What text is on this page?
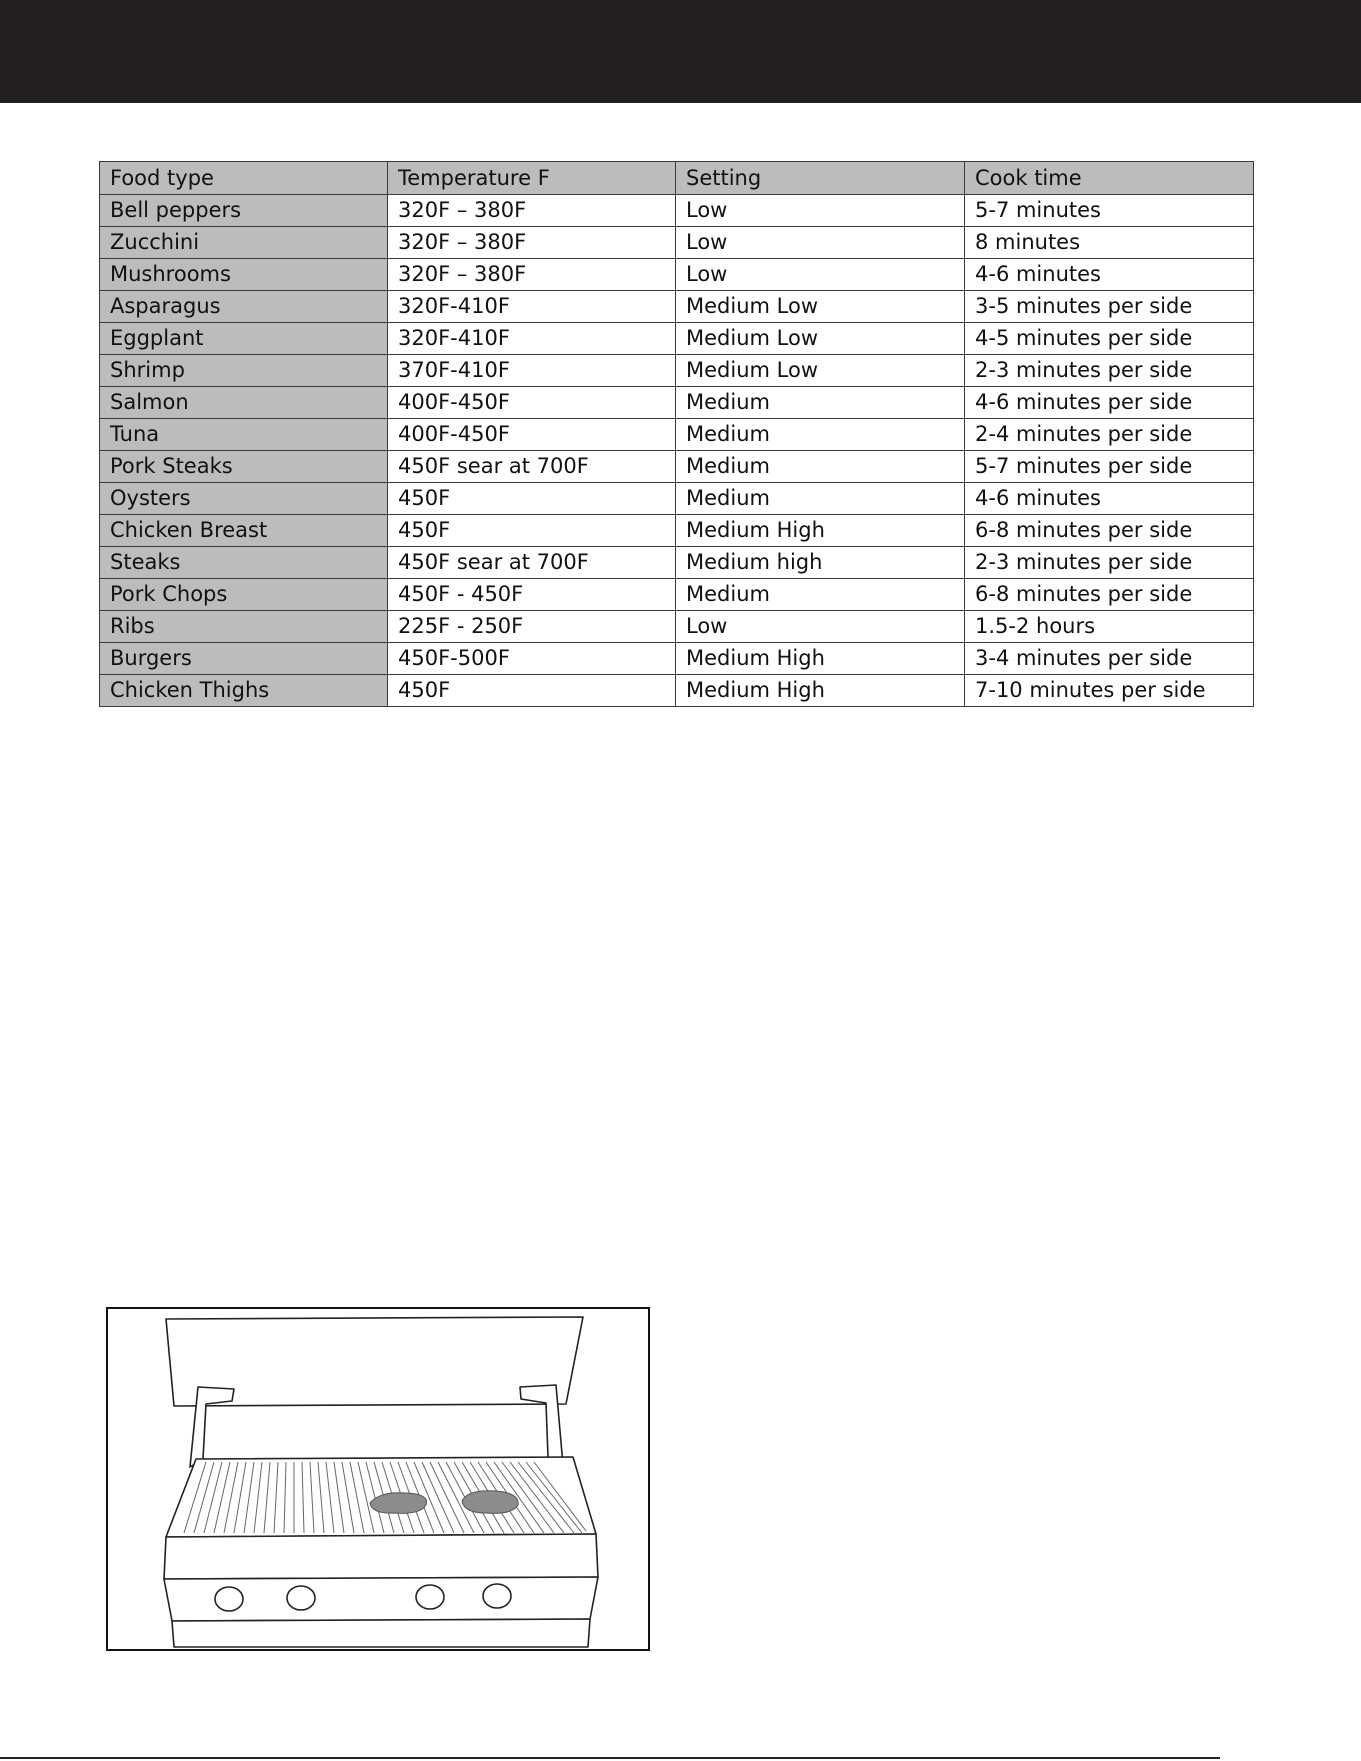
Food type	Temperature F	Setting	Cook time
Bell peppers	320F – 380F	Low	5-7 minutes
Zucchini	320F – 380F	Low	8 minutes
Mushrooms	320F – 380F	Low	4-6 minutes
Asparagus	320F-410F	Medium Low	3-5 minutes per side
Eggplant	320F-410F	Medium Low	4-5 minutes per side
Shrimp	370F-410F	Medium Low	2-3 minutes per side
Salmon	400F-450F	Medium	4-6 minutes per side
Tuna	400F-450F	Medium	2-4 minutes per side
Pork Steaks	450F sear at 700F	Medium	5-7 minutes per side
Oysters	450F	Medium	4-6 minutes
Chicken Breast	450F	Medium High	6-8 minutes per side
Steaks	450F sear at 700F	Medium high	2-3 minutes per side
Pork Chops	450F - 450F	Medium	6-8 minutes per side
Ribs	225F - 250F	Low	1.5-2 hours
Burgers	450F-500F	Medium High	3-4 minutes per side
Chicken Thighs	450F	Medium High	7-10 minutes per side
